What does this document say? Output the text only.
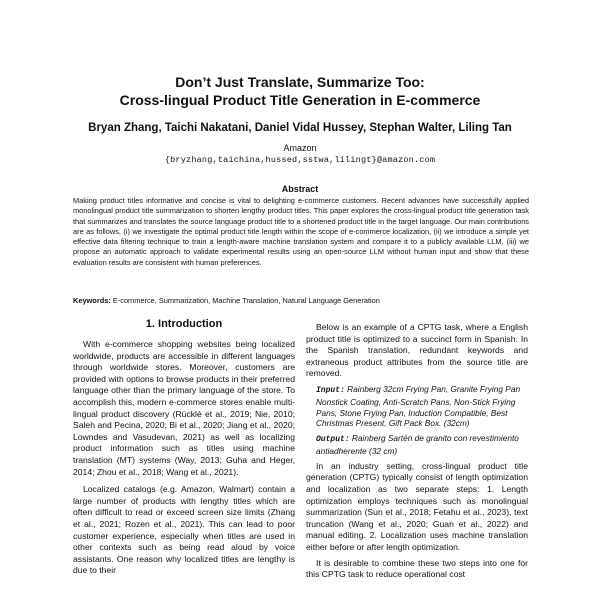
Don’t Just Translate, Summarize Too:
Cross-lingual Product Title Generation in E-commerce
Bryan Zhang, Taichi Nakatani, Daniel Vidal Hussey, Stephan Walter, Liling Tan
Amazon
{bryzhang,taichina,hussed,sstwa,lilingt}@amazon.com
Abstract

Making product titles informative and concise is vital to delighting e-commerce customers. Recent advances have successfully applied monolingual product title summarization to shorten lengthy product titles. This paper explores the cross-lingual product title generation task that summarizes and translates the source language product title to a shortened product title in the target language. Our main contributions are as follows, (i) we investigate the optimal product title length within the scope of e-commerce localization, (ii) we introduce a simple yet effective data filtering technique to train a length-aware machine translation system and compare it to a publicly available LLM, (iii) we propose an automatic approach to validate experimental results using an open-source LLM without human input and show that these evaluation results are consistent with human preferences.

Keywords: E-commerce, Summarization, Machine Translation, Natural Language Generation

1. Introduction

With e-commerce shopping websites being localized worldwide, products are accessible in different languages through worldwide stores. Moreover, customers are provided with options to browse products in their preferred language other than the primary language of the store. To accomplish this, modern e-commerce stores enable multi-lingual product discovery (Rücklé et al., 2019; Nie, 2010; Saleh and Pecina, 2020; Bi et al., 2020; Jiang et al., 2020; Lowndes and Vasudevan, 2021) as well as localizing product information such as titles using machine translation (MT) systems (Way, 2013; Guha and Heger, 2014; Zhou et al., 2018; Wang et al., 2021).

Localized catalogs (e.g. Amazon, Walmart) contain a large number of products with lengthy titles which are often difficult to read or exceed screen size limits (Zhang et al., 2021; Rozen et al., 2021). This can lead to poor customer experience, especially when titles are used in other contexts such as being read aloud by voice assistants. One reason why localized titles are lengthy is due to their

Below is an example of a CPTG task, where a English product title is optimized to a succinct form in Spanish. In the Spanish translation, redundant keywords and extraneous product attributes from the source title are removed.

Input: Rainberg 32cm Frying Pan, Granite Frying Pan Nonstick Coating, Anti-Scratch Pans, Non-Stick Frying Pans, Stone Frying Pan, Induction Compatible, Best Christmas Present, Gift Pack Box. (32cm)
Output: Rainberg Sartén de granito con revestimiento antiadherente (32 cm)

In an industry setting, cross-lingual product title generation (CPTG) typically consist of length optimization and localization as two separate steps: 1. Length optimization employs techniques such as monolingual summarization (Sun et al., 2018; Fetahu et al., 2023), text truncation (Wang et al., 2020; Guan et al., 2022) and manual editing. 2. Localization uses machine translation either before or after length optimization.

It is desirable to combine these two steps into one for this CPTG task to reduce operational cost
